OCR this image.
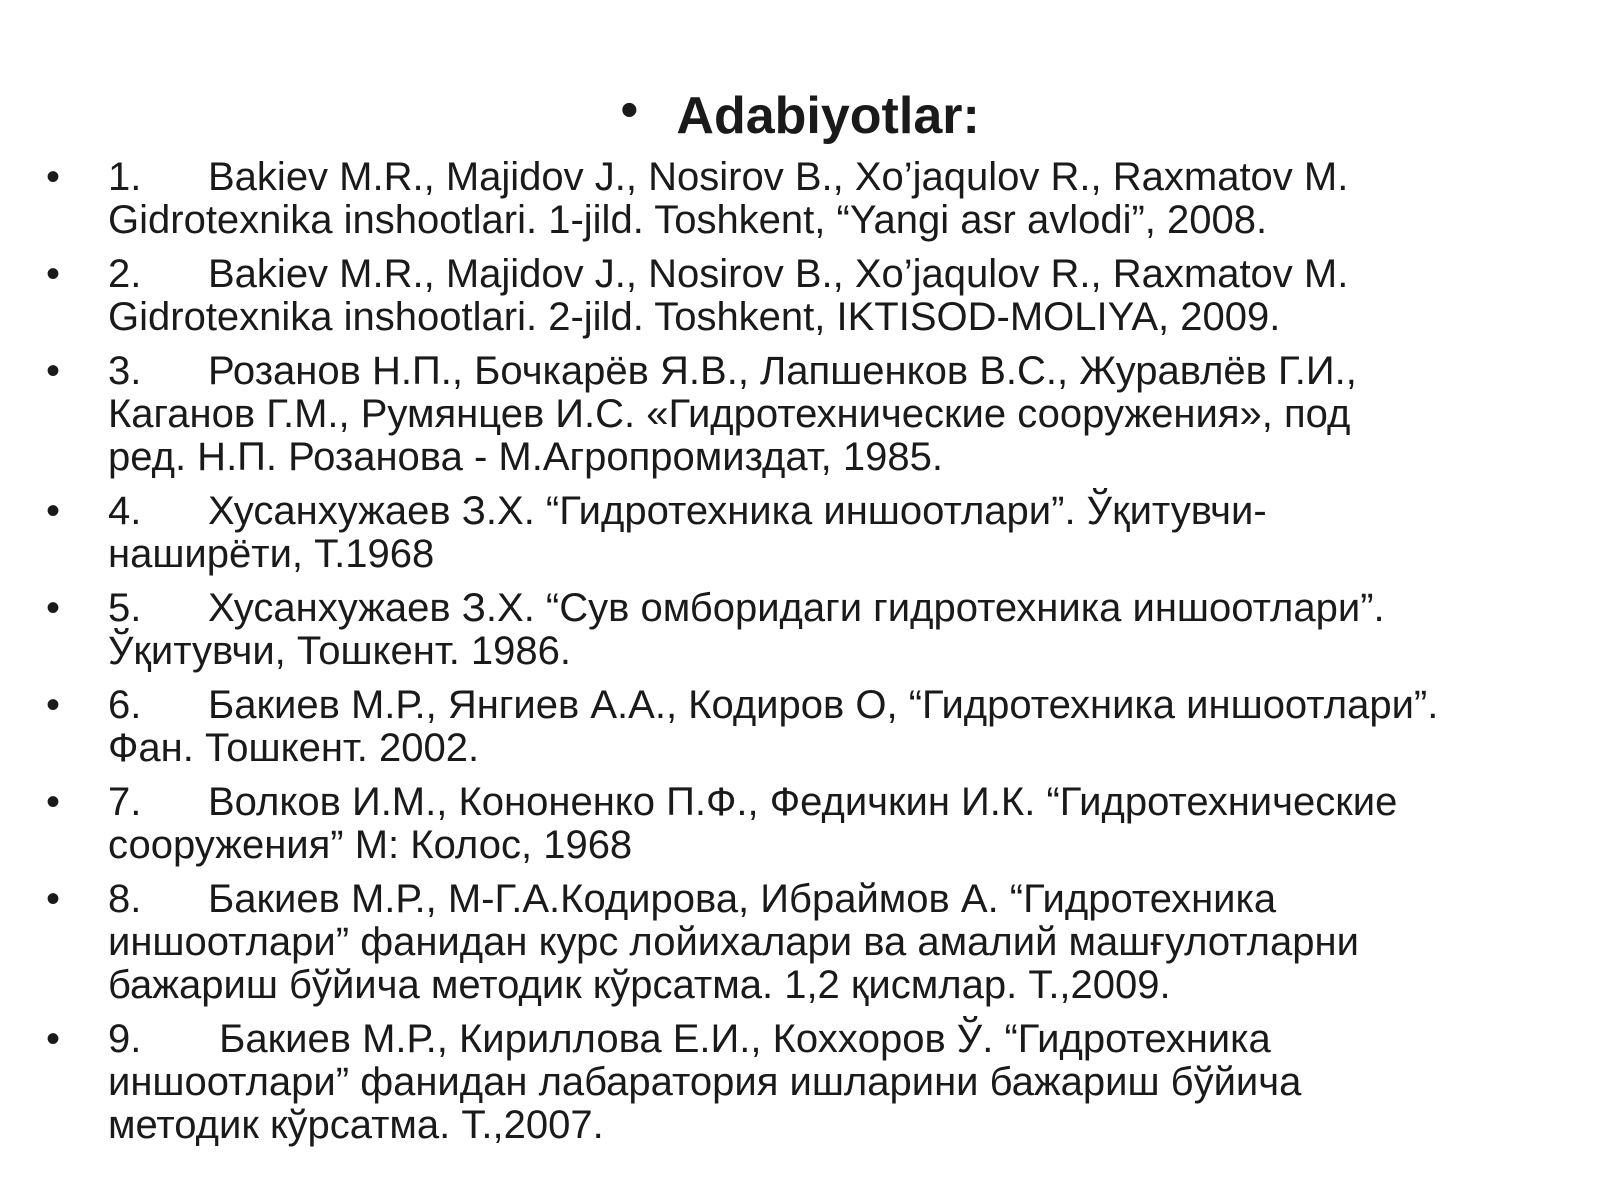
• Adabiyotlar:
• 1. Bakiev M.R., Majidov J., Nosirov B., Xo’jaqulov R., Raxmatov M.
Gidrotexnika inshootlari. 1-jild. Toshkent, “Yangi asr avlodi”, 2008.
• 2. Bakiev M.R., Majidov J., Nosirov B., Xo’jaqulov R., Raxmatov M.
Gidrotexnika inshootlari. 2-jild. Toshkent, IKTISOD-MOLIYA, 2009.
• 3. Розанов Н.П., Бочкарёв Я.В., Лапшенков В.С., Журавлёв Г.И.,
Каганов Г.М., Румянцев И.С. «Гидротехнические сооружения», под
ред. Н.П. Розанова - М.Агропромиздат, 1985.
• 4. Хусанхужаев З.Х. “Гидротехника иншоотлари”. Ўқитувчи-
наширёти, Т.1968
• 5. Хусанхужаев З.Х. “Сув омборидаги гидротехника иншоотлари”.
Ўқитувчи, Тошкент. 1986.
• 6. Бакиев М.Р., Янгиев А.А., Кодиров О, “Гидротехника иншоотлари”.
Фан. Тошкент. 2002.
• 7. Волков И.М., Кононенко П.Ф., Федичкин И.К. “Гидротехнические
сооружения” М: Колос, 1968
• 8. Бакиев М.Р., М-Г.А.Кодирова, Ибраймов А. “Гидротехника
иншоотлари” фанидан курс лойихалари ва амалий машғулотларни
бажариш бўйича методик кўрсатма. 1,2 қисмлар. Т.,2009.
• 9. Бакиев М.Р., Кириллова Е.И., Кохxоров Ў. “Гидротехника
иншоотлари” фанидан лабаратория ишларини бажариш бўйича
методик кўрсатма. Т.,2007.
